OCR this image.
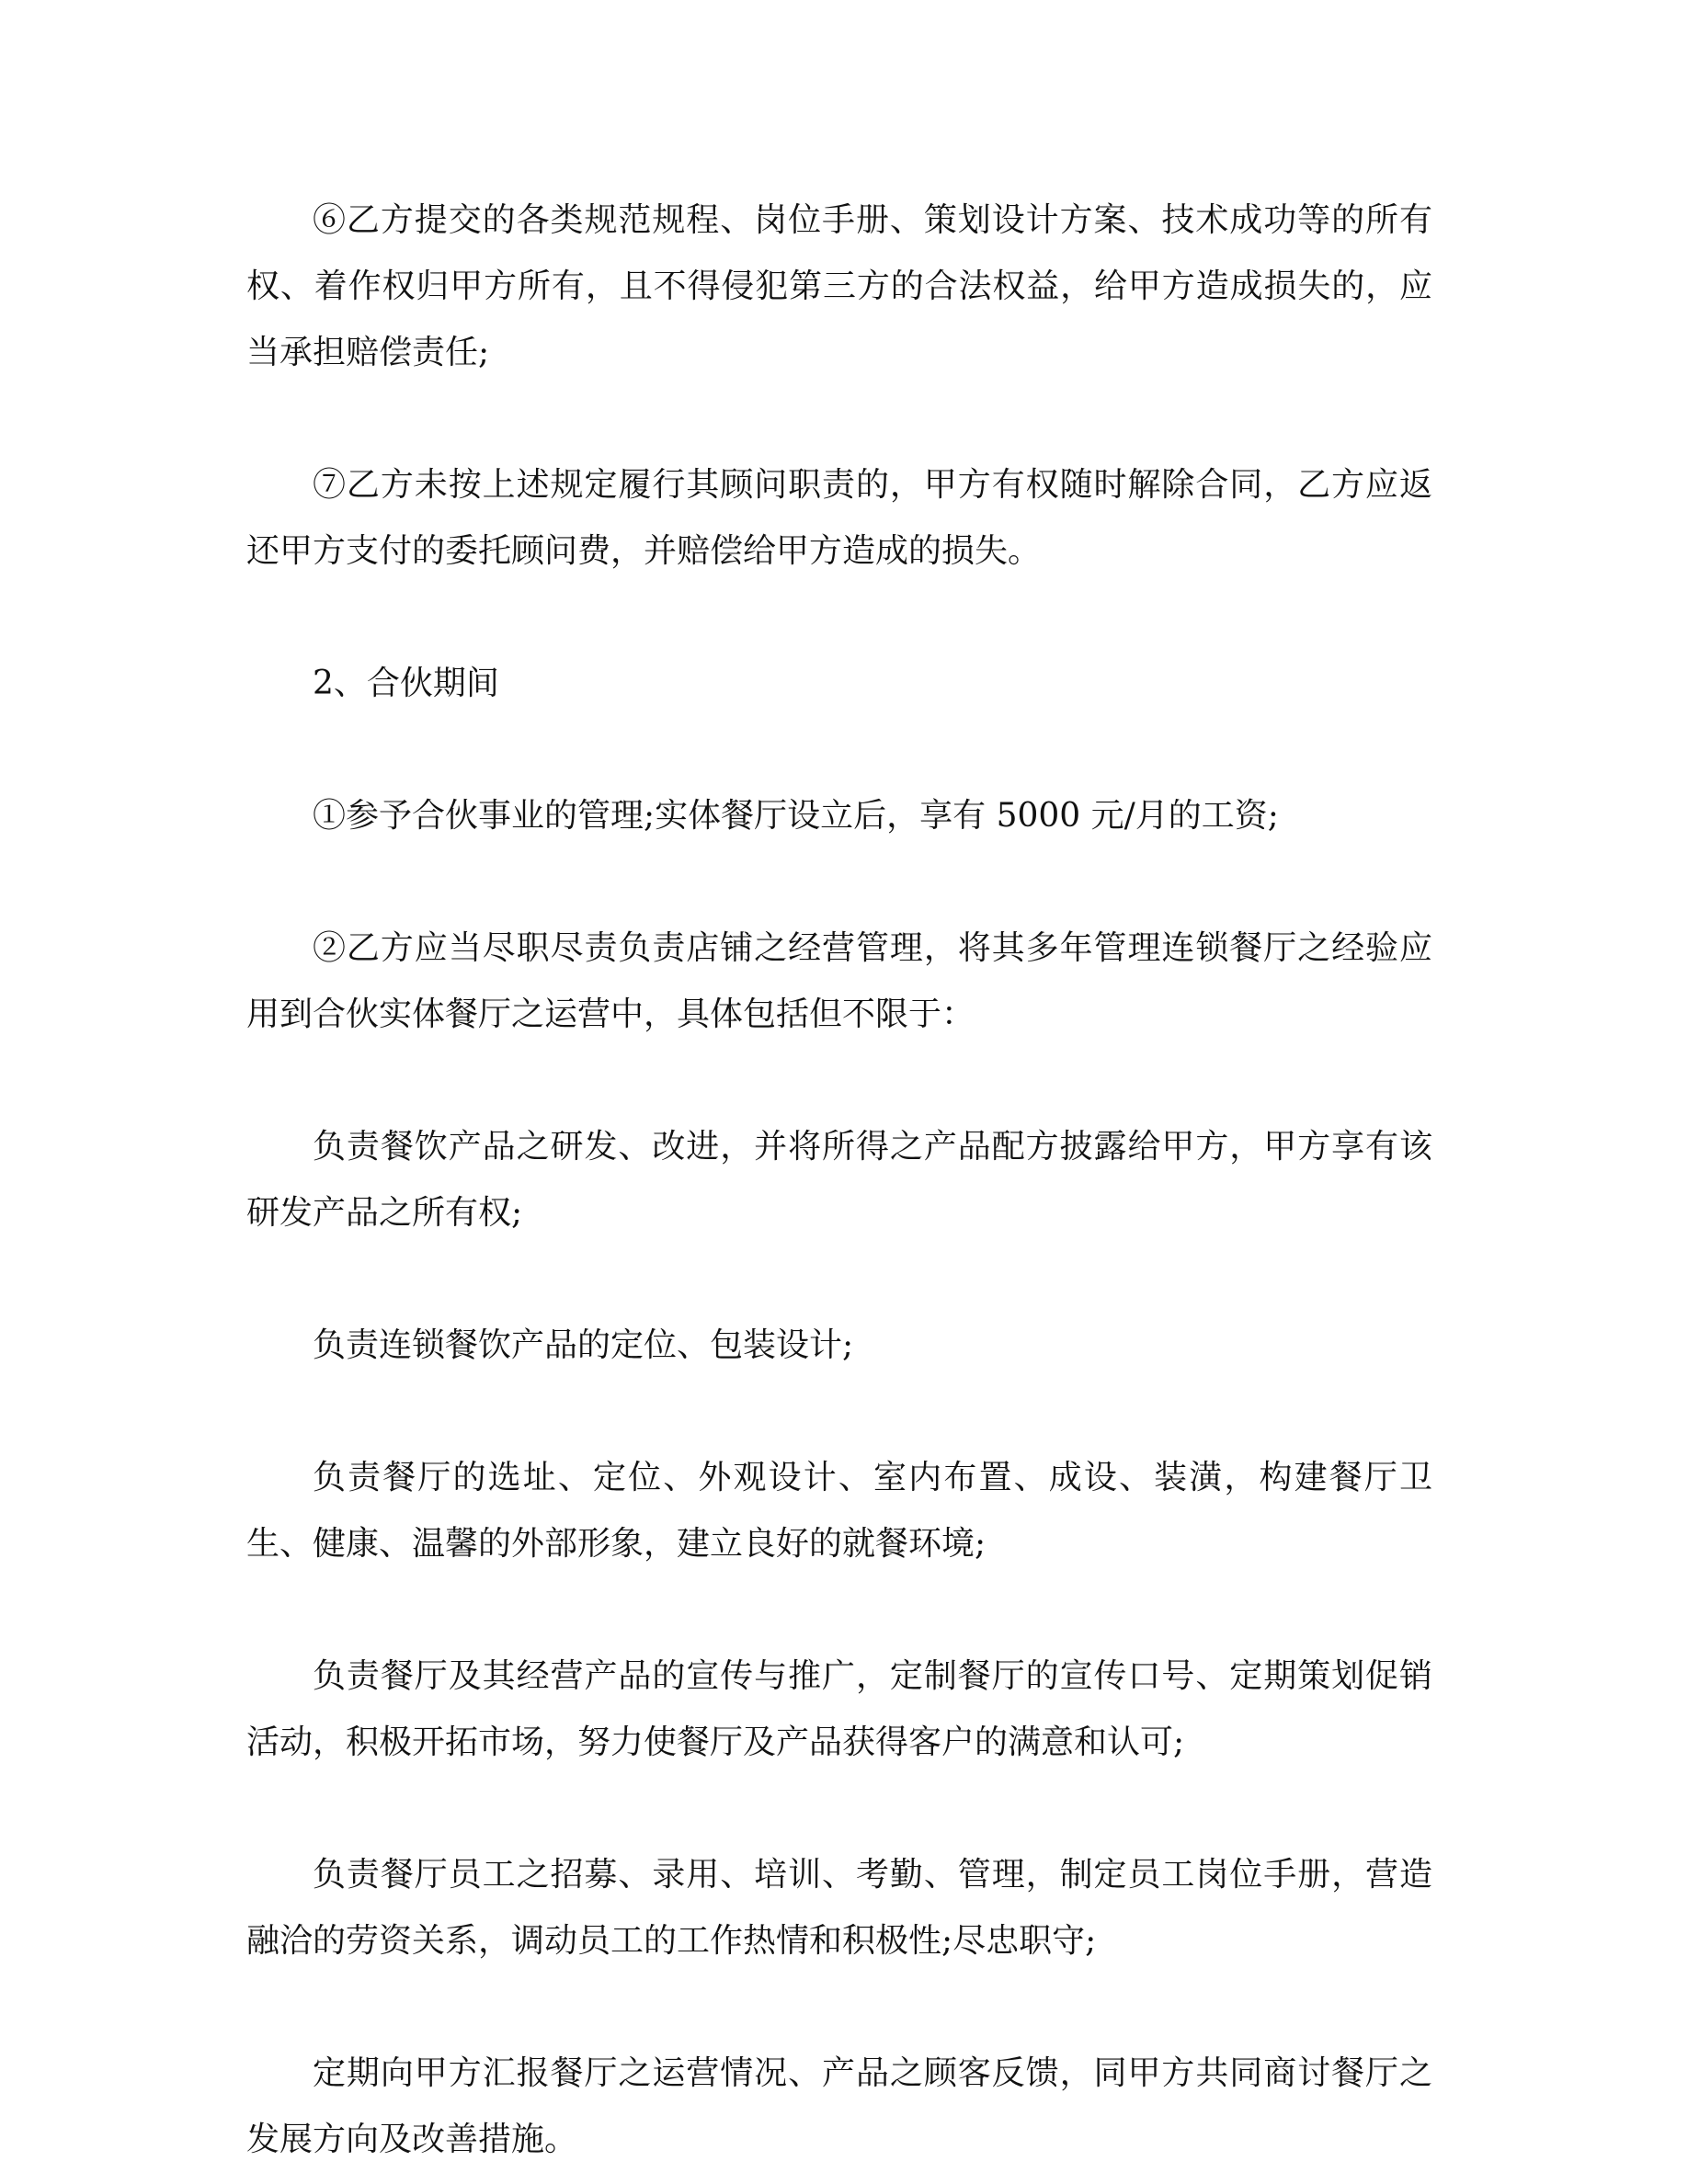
⑥乙方提交的各类规范规程、岗位手册、策划设计方案、技术成功等的所有权、着作权归甲方所有，且不得侵犯第三方的合法权益，给甲方造成损失的，应当承担赔偿责任;

⑦乙方未按上述规定履行其顾问职责的，甲方有权随时解除合同，乙方应返还甲方支付的委托顾问费，并赔偿给甲方造成的损失。

2、合伙期间

①参予合伙事业的管理;实体餐厅设立后，享有 5000 元/月的工资;

②乙方应当尽职尽责负责店铺之经营管理，将其多年管理连锁餐厅之经验应用到合伙实体餐厅之运营中，具体包括但不限于：

负责餐饮产品之研发、改进，并将所得之产品配方披露给甲方，甲方享有该研发产品之所有权;

负责连锁餐饮产品的定位、包装设计;

负责餐厅的选址、定位、外观设计、室内布置、成设、装潢，构建餐厅卫生、健康、温馨的外部形象，建立良好的就餐环境;

负责餐厅及其经营产品的宣传与推广，定制餐厅的宣传口号、定期策划促销活动，积极开拓市场，努力使餐厅及产品获得客户的满意和认可;

负责餐厅员工之招募、录用、培训、考勤、管理，制定员工岗位手册，营造融洽的劳资关系，调动员工的工作热情和积极性;尽忠职守;

定期向甲方汇报餐厅之运营情况、产品之顾客反馈，同甲方共同商讨餐厅之发展方向及改善措施。
